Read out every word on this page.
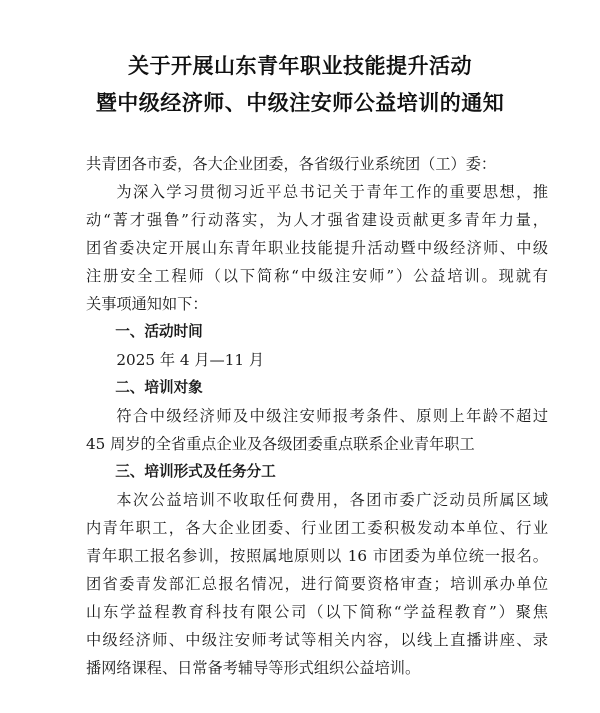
关于开展山东青年职业技能提升活动
暨中级经济师、中级注安师公益培训的通知
共青团各市委，各大企业团委，各省级行业系统团（工）委：
为深入学习贯彻习近平总书记关于青年工作的重要思想，推
动“菁才强鲁”行动落实，为人才强省建设贡献更多青年力量，
团省委决定开展山东青年职业技能提升活动暨中级经济师、中级
注册安全工程师（以下简称“中级注安师”）公益培训。现就有
关事项通知如下：
一、活动时间
2025 年 4 月—11 月
二、培训对象
符合中级经济师及中级注安师报考条件、原则上年龄不超过
45 周岁的全省重点企业及各级团委重点联系企业青年职工
三、培训形式及任务分工
本次公益培训不收取任何费用，各团市委广泛动员所属区域
内青年职工，各大企业团委、行业团工委积极发动本单位、行业
青年职工报名参训，按照属地原则以 16 市团委为单位统一报名。
团省委青发部汇总报名情况，进行简要资格审查；培训承办单位
山东学益程教育科技有限公司（以下简称“学益程教育”）聚焦
中级经济师、中级注安师考试等相关内容，以线上直播讲座、录
播网络课程、日常备考辅导等形式组织公益培训。
